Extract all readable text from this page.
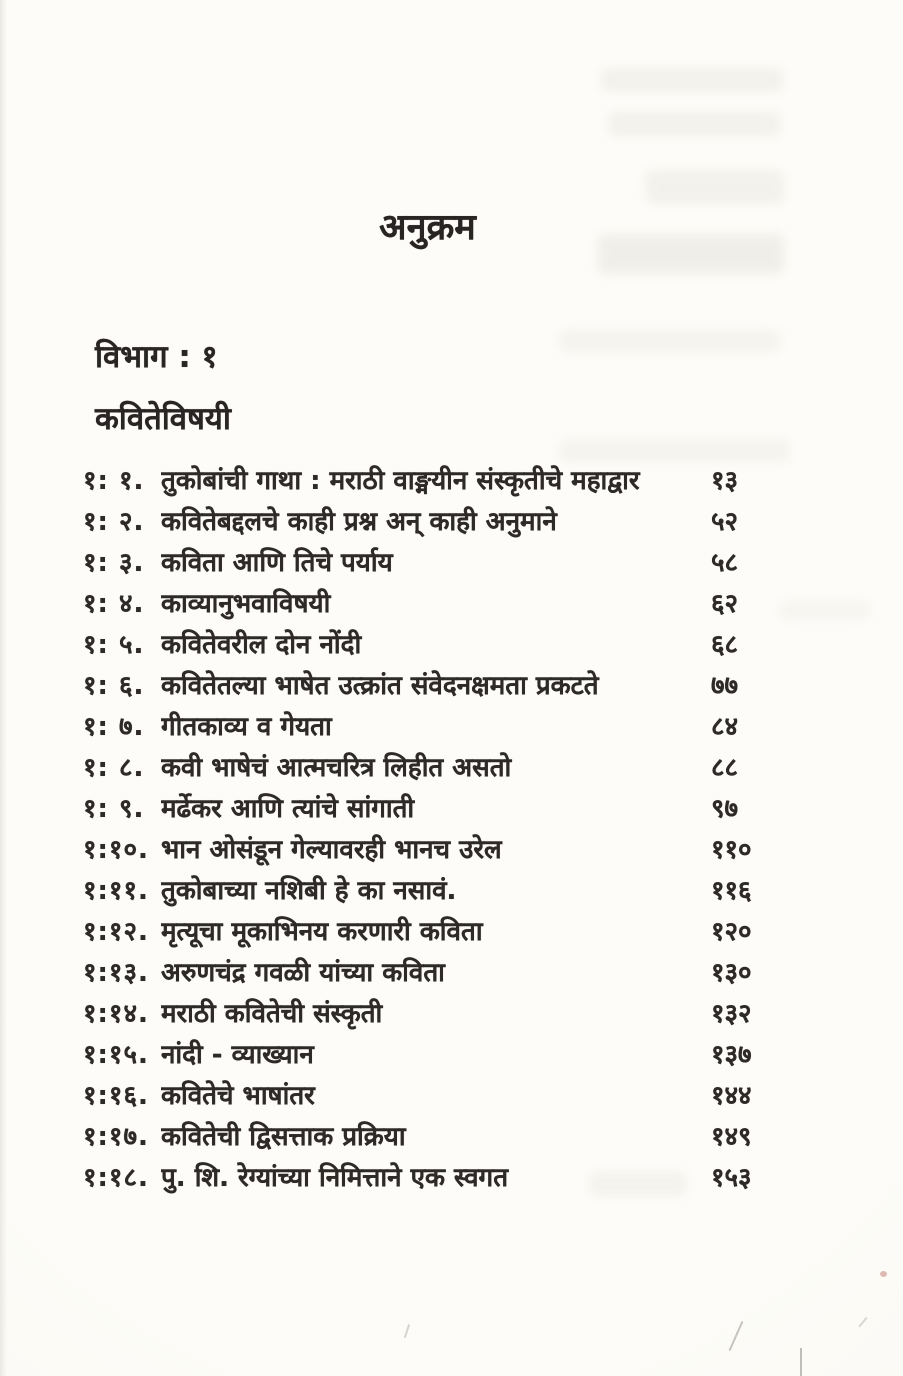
अनुक्रम
विभाग : १
कवितेविषयी
१: १. तुकोबांची गाथा : मराठी वाङ्मयीन संस्कृतीचे महाद्वार	१३
१: २. कवितेबद्दलचे काही प्रश्न अन् काही अनुमाने	५२
१: ३. कविता आणि तिचे पर्याय	५८
१: ४. काव्यानुभवाविषयी	६२
१: ५. कवितेवरील दोन नोंदी	६८
१: ६. कवितेतल्या भाषेत उत्क्रांत संवेदनक्षमता प्रकटते	७७
१: ७. गीतकाव्य व गेयता	८४
१: ८. कवी भाषेचं आत्मचरित्र लिहीत असतो	८८
१: ९. मर्ढेकर आणि त्यांचे सांगाती	९७
१:१०. भान ओसंडून गेल्यावरही भानच उरेल	११०
१:११. तुकोबाच्या नशिबी हे का नसावं.	११६
१:१२. मृत्यूचा मूकाभिनय करणारी कविता	१२०
१:१३. अरुणचंद्र गवळी यांच्या कविता	१३०
१:१४. मराठी कवितेची संस्कृती	१३२
१:१५. नांदी - व्याख्यान	१३७
१:१६. कवितेचे भाषांतर	१४४
१:१७. कवितेची द्विसत्ताक प्रक्रिया	१४९
१:१८. पु. शि. रेग्यांच्या निमित्ताने एक स्वगत	१५३
